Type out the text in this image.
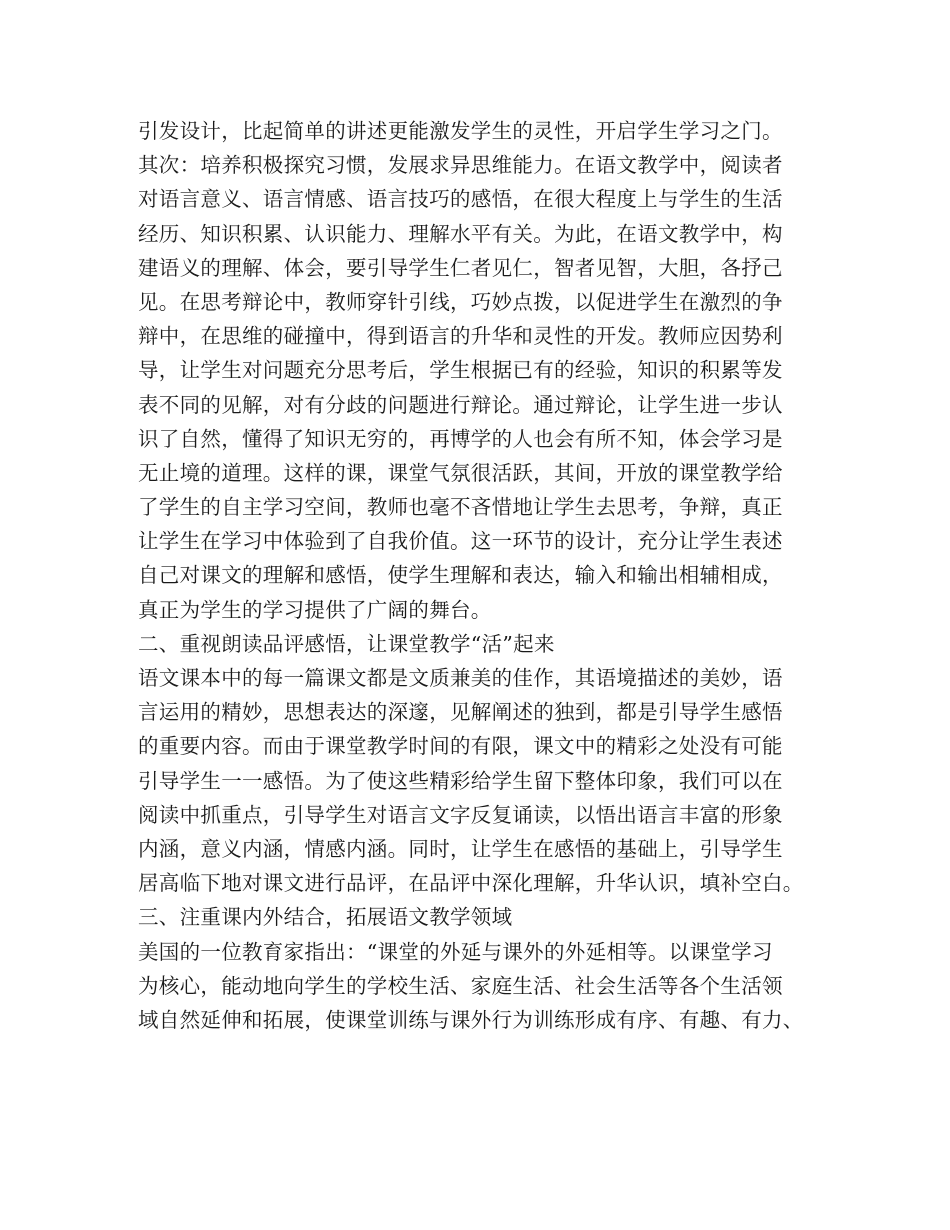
引发设计，比起简单的讲述更能激发学生的灵性，开启学生学习之门。
其次：培养积极探究习惯，发展求异思维能力。在语文教学中，阅读者
对语言意义、语言情感、语言技巧的感悟，在很大程度上与学生的生活
经历、知识积累、认识能力、理解水平有关。为此，在语文教学中，构
建语义的理解、体会，要引导学生仁者见仁，智者见智，大胆，各抒己
见。在思考辩论中，教师穿针引线，巧妙点拨，以促进学生在激烈的争
辩中，在思维的碰撞中，得到语言的升华和灵性的开发。教师应因势利
导，让学生对问题充分思考后，学生根据已有的经验，知识的积累等发
表不同的见解，对有分歧的问题进行辩论。通过辩论，让学生进一步认
识了自然，懂得了知识无穷的，再博学的人也会有所不知，体会学习是
无止境的道理。这样的课，课堂气氛很活跃，其间，开放的课堂教学给
了学生的自主学习空间，教师也毫不吝惜地让学生去思考，争辩，真正
让学生在学习中体验到了自我价值。这一环节的设计，充分让学生表述
自己对课文的理解和感悟，使学生理解和表达，输入和输出相辅相成，
真正为学生的学习提供了广阔的舞台。
二、重视朗读品评感悟，让课堂教学“活”起来
语文课本中的每一篇课文都是文质兼美的佳作，其语境描述的美妙，语
言运用的精妙，思想表达的深邃，见解阐述的独到，都是引导学生感悟
的重要内容。而由于课堂教学时间的有限，课文中的精彩之处没有可能
引导学生一一感悟。为了使这些精彩给学生留下整体印象，我们可以在
阅读中抓重点，引导学生对语言文字反复诵读，以悟出语言丰富的形象
内涵，意义内涵，情感内涵。同时，让学生在感悟的基础上，引导学生
居高临下地对课文进行品评，在品评中深化理解，升华认识，填补空白。
三、注重课内外结合，拓展语文教学领域
美国的一位教育家指出：“课堂的外延与课外的外延相等。以课堂学习
为核心，能动地向学生的学校生活、家庭生活、社会生活等各个生活领
域自然延伸和拓展，使课堂训练与课外行为训练形成有序、有趣、有力、
